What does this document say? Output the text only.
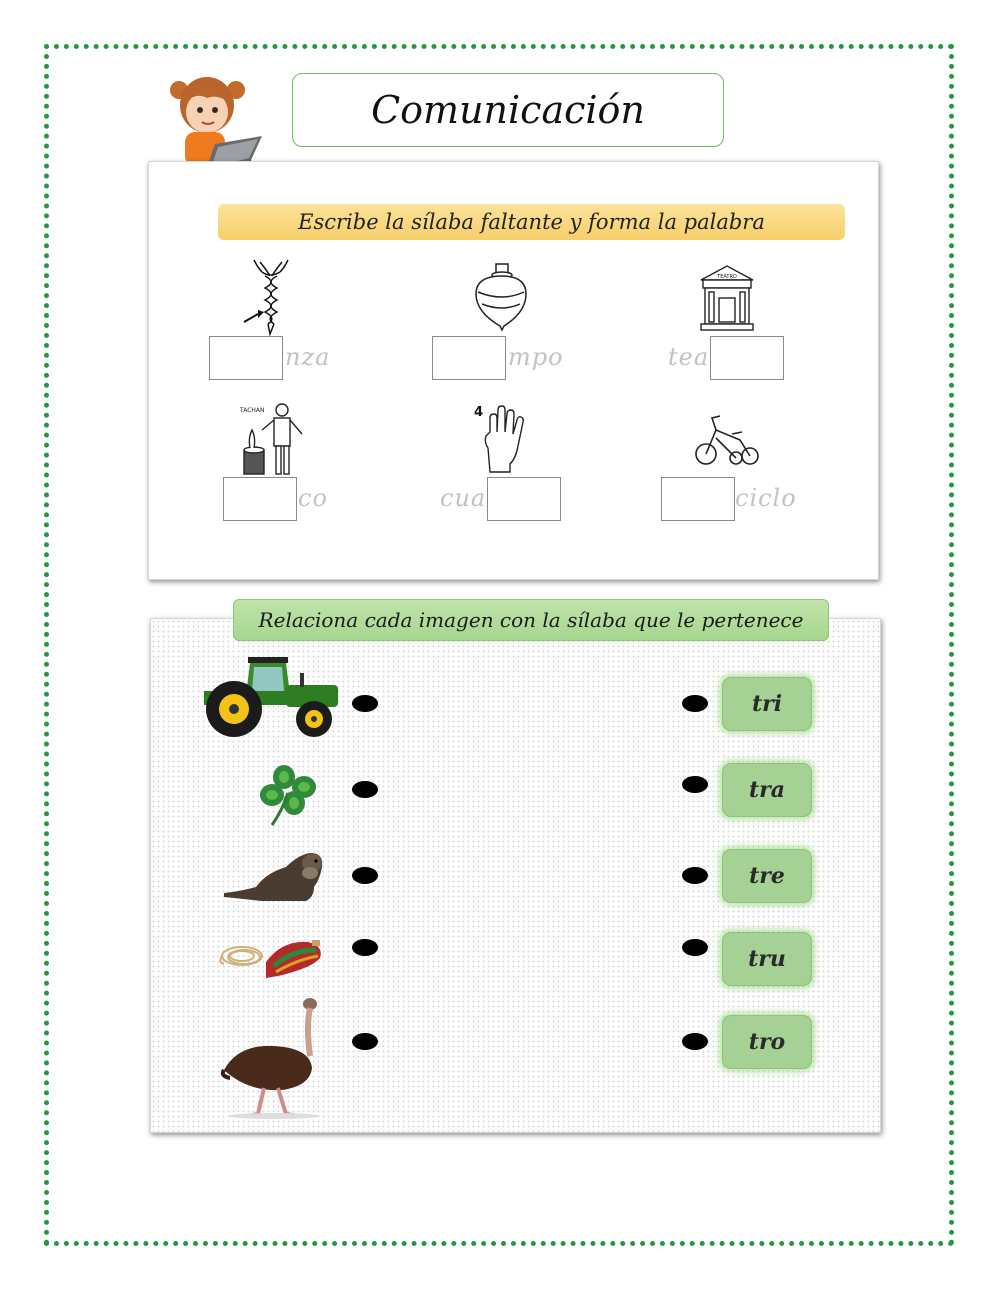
Comunicación
Escribe la sílaba faltante y forma la palabra
nza	mpo
TEATRO
tea
TACHAN
co
4
cua	ciclo
Relaciona cada imagen con la sílaba que le pertenece
tri
tra
tre
tru
tro
